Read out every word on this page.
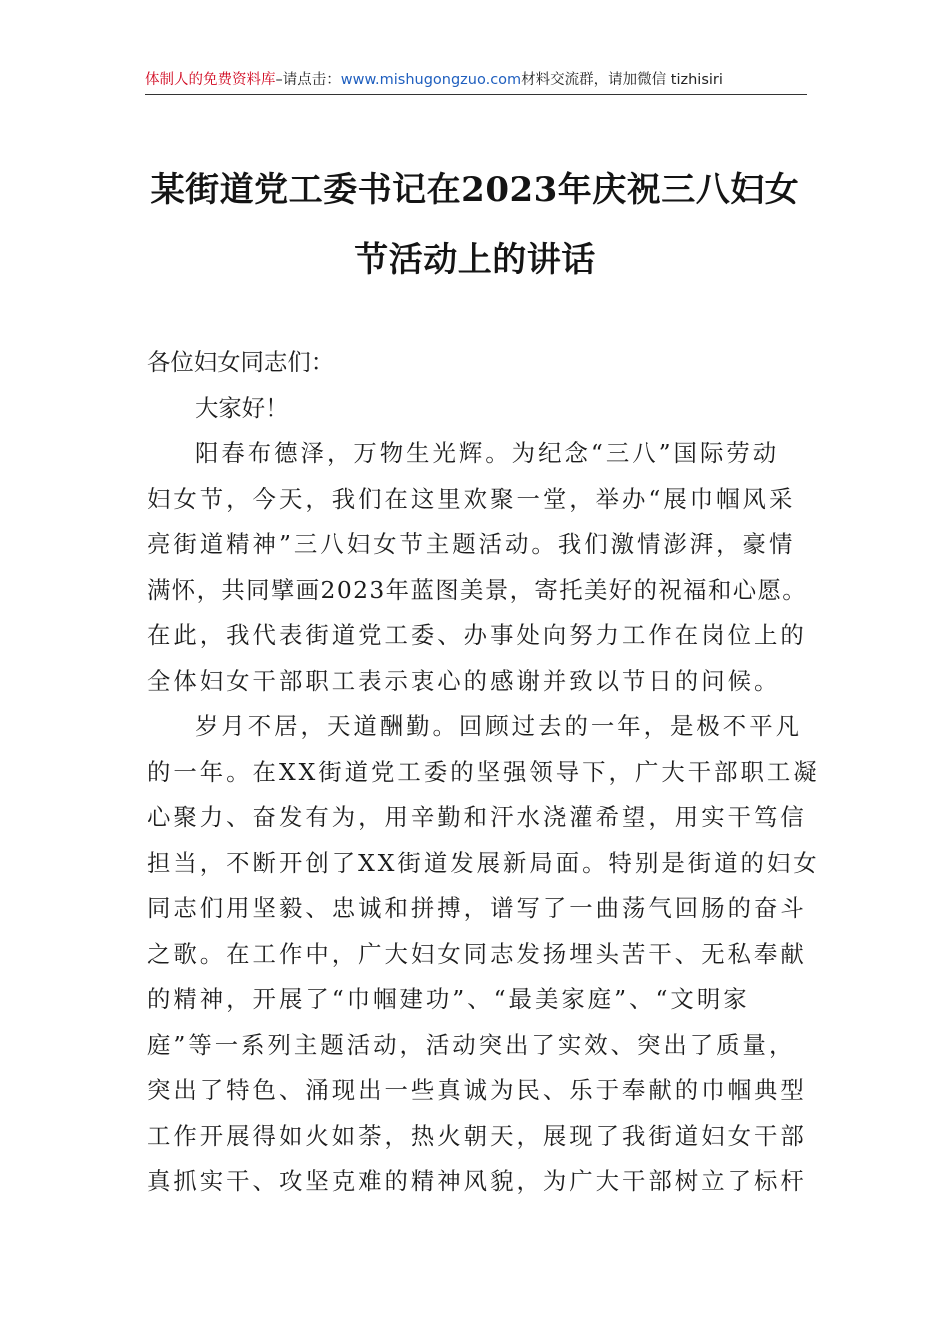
体制人的免费资料库–请点击：www.mishugongzuo.com材料交流群，请加微信 tizhisiri
某街道党工委书记在2023年庆祝三八妇女
节活动上的讲话

各位妇女同志们：

大家好！

阳春布德泽，万物生光辉。为纪念“三八”国际劳动
妇女节，今天，我们在这里欢聚一堂，举办“展巾帼风采
亮街道精神”三八妇女节主题活动。我们激情澎湃，豪情
满怀，共同擘画2023年蓝图美景，寄托美好的祝福和心愿。
在此，我代表街道党工委、办事处向努力工作在岗位上的
全体妇女干部职工表示衷心的感谢并致以节日的问候。

岁月不居，天道酬勤。回顾过去的一年，是极不平凡
的一年。在XX街道党工委的坚强领导下，广大干部职工凝
心聚力、奋发有为，用辛勤和汗水浇灌希望，用实干笃信
担当，不断开创了XX街道发展新局面。特别是街道的妇女
同志们用坚毅、忠诚和拼搏，谱写了一曲荡气回肠的奋斗
之歌。在工作中，广大妇女同志发扬埋头苦干、无私奉献
的精神，开展了“巾帼建功”、“最美家庭”、“文明家
庭”等一系列主题活动，活动突出了实效、突出了质量，
突出了特色、涌现出一些真诚为民、乐于奉献的巾帼典型
工作开展得如火如荼，热火朝天，展现了我街道妇女干部
真抓实干、攻坚克难的精神风貌，为广大干部树立了标杆
